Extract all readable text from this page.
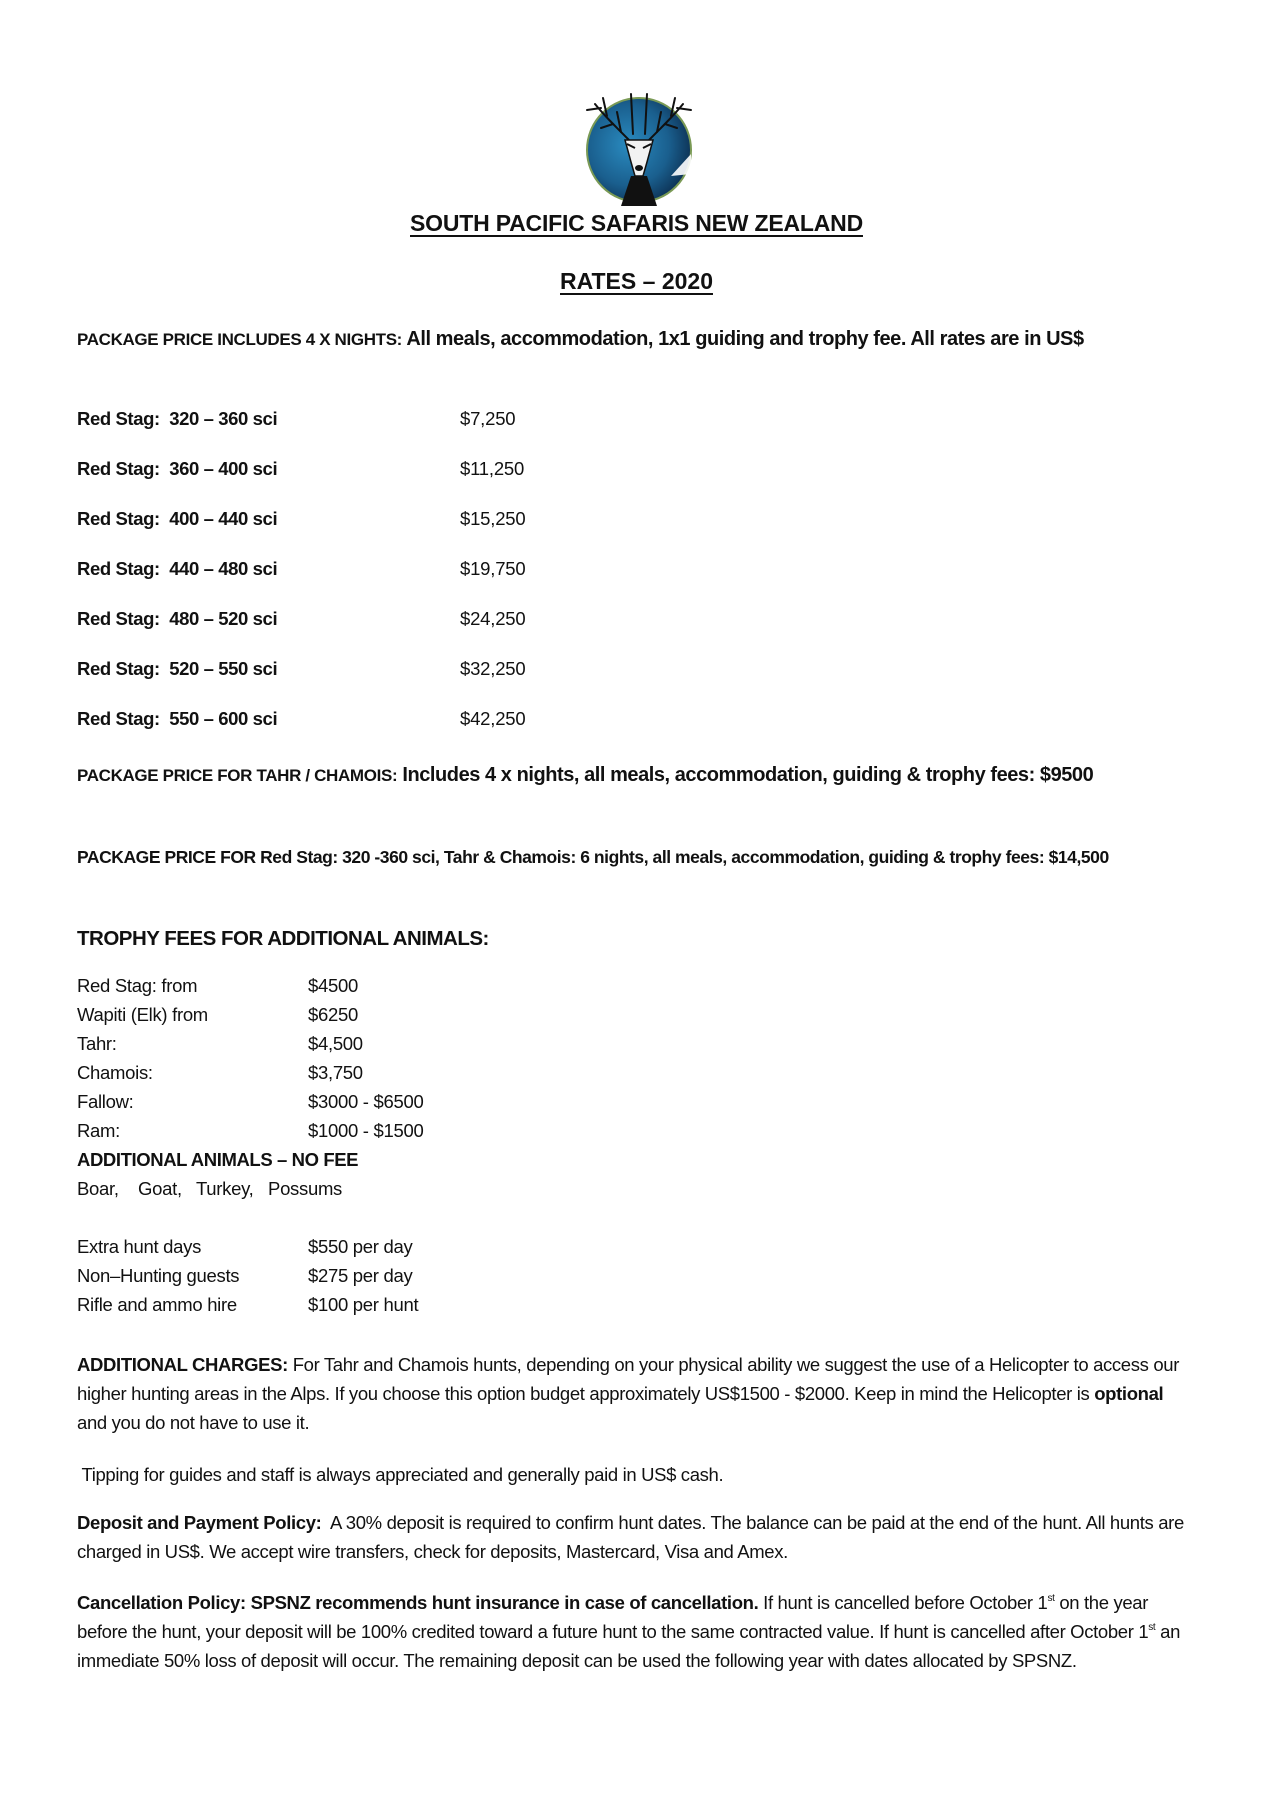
SOUTH PACIFIC SAFARIS NEW ZEALAND
RATES – 2020
PACKAGE PRICE INCLUDES 4 X NIGHTS: All meals, accommodation, 1x1 guiding and trophy fee. All rates are in US$
Red Stag:  320 – 360 sci	$7,250
Red Stag:  360 – 400 sci	$11,250
Red Stag:  400 – 440 sci	$15,250
Red Stag:  440 – 480 sci	$19,750
Red Stag:  480 – 520 sci	$24,250
Red Stag:  520 – 550 sci	$32,250
Red Stag:  550 – 600 sci	$42,250
PACKAGE PRICE FOR TAHR / CHAMOIS: Includes 4 x nights, all meals, accommodation, guiding & trophy fees: $9500
PACKAGE PRICE FOR Red Stag: 320 -360 sci, Tahr & Chamois: 6 nights, all meals, accommodation, guiding & trophy fees: $14,500
TROPHY FEES FOR ADDITIONAL ANIMALS:
Red Stag: from	$4500
Wapiti (Elk) from	$6250
Tahr:	$4,500
Chamois:	$3,750
Fallow:	$3000 - $6500
Ram:	$1000 - $1500
ADDITIONAL ANIMALS – NO FEE
Boar,    Goat,   Turkey,   Possums
Extra hunt days	$550 per day
Non–Hunting guests	$275 per day
Rifle and ammo hire	$100 per hunt
ADDITIONAL CHARGES: For Tahr and Chamois hunts, depending on your physical ability we suggest the use of a Helicopter to access our higher hunting areas in the Alps. If you choose this option budget approximately US$1500 - $2000. Keep in mind the Helicopter is optional and you do not have to use it.
Tipping for guides and staff is always appreciated and generally paid in US$ cash.
Deposit and Payment Policy:  A 30% deposit is required to confirm hunt dates. The balance can be paid at the end of the hunt. All hunts are charged in US$. We accept wire transfers, check for deposits, Mastercard, Visa and Amex.
Cancellation Policy: SPSNZ recommends hunt insurance in case of cancellation. If hunt is cancelled before October 1st on the year before the hunt, your deposit will be 100% credited toward a future hunt to the same contracted value. If hunt is cancelled after October 1st an immediate 50% loss of deposit will occur. The remaining deposit can be used the following year with dates allocated by SPSNZ.
